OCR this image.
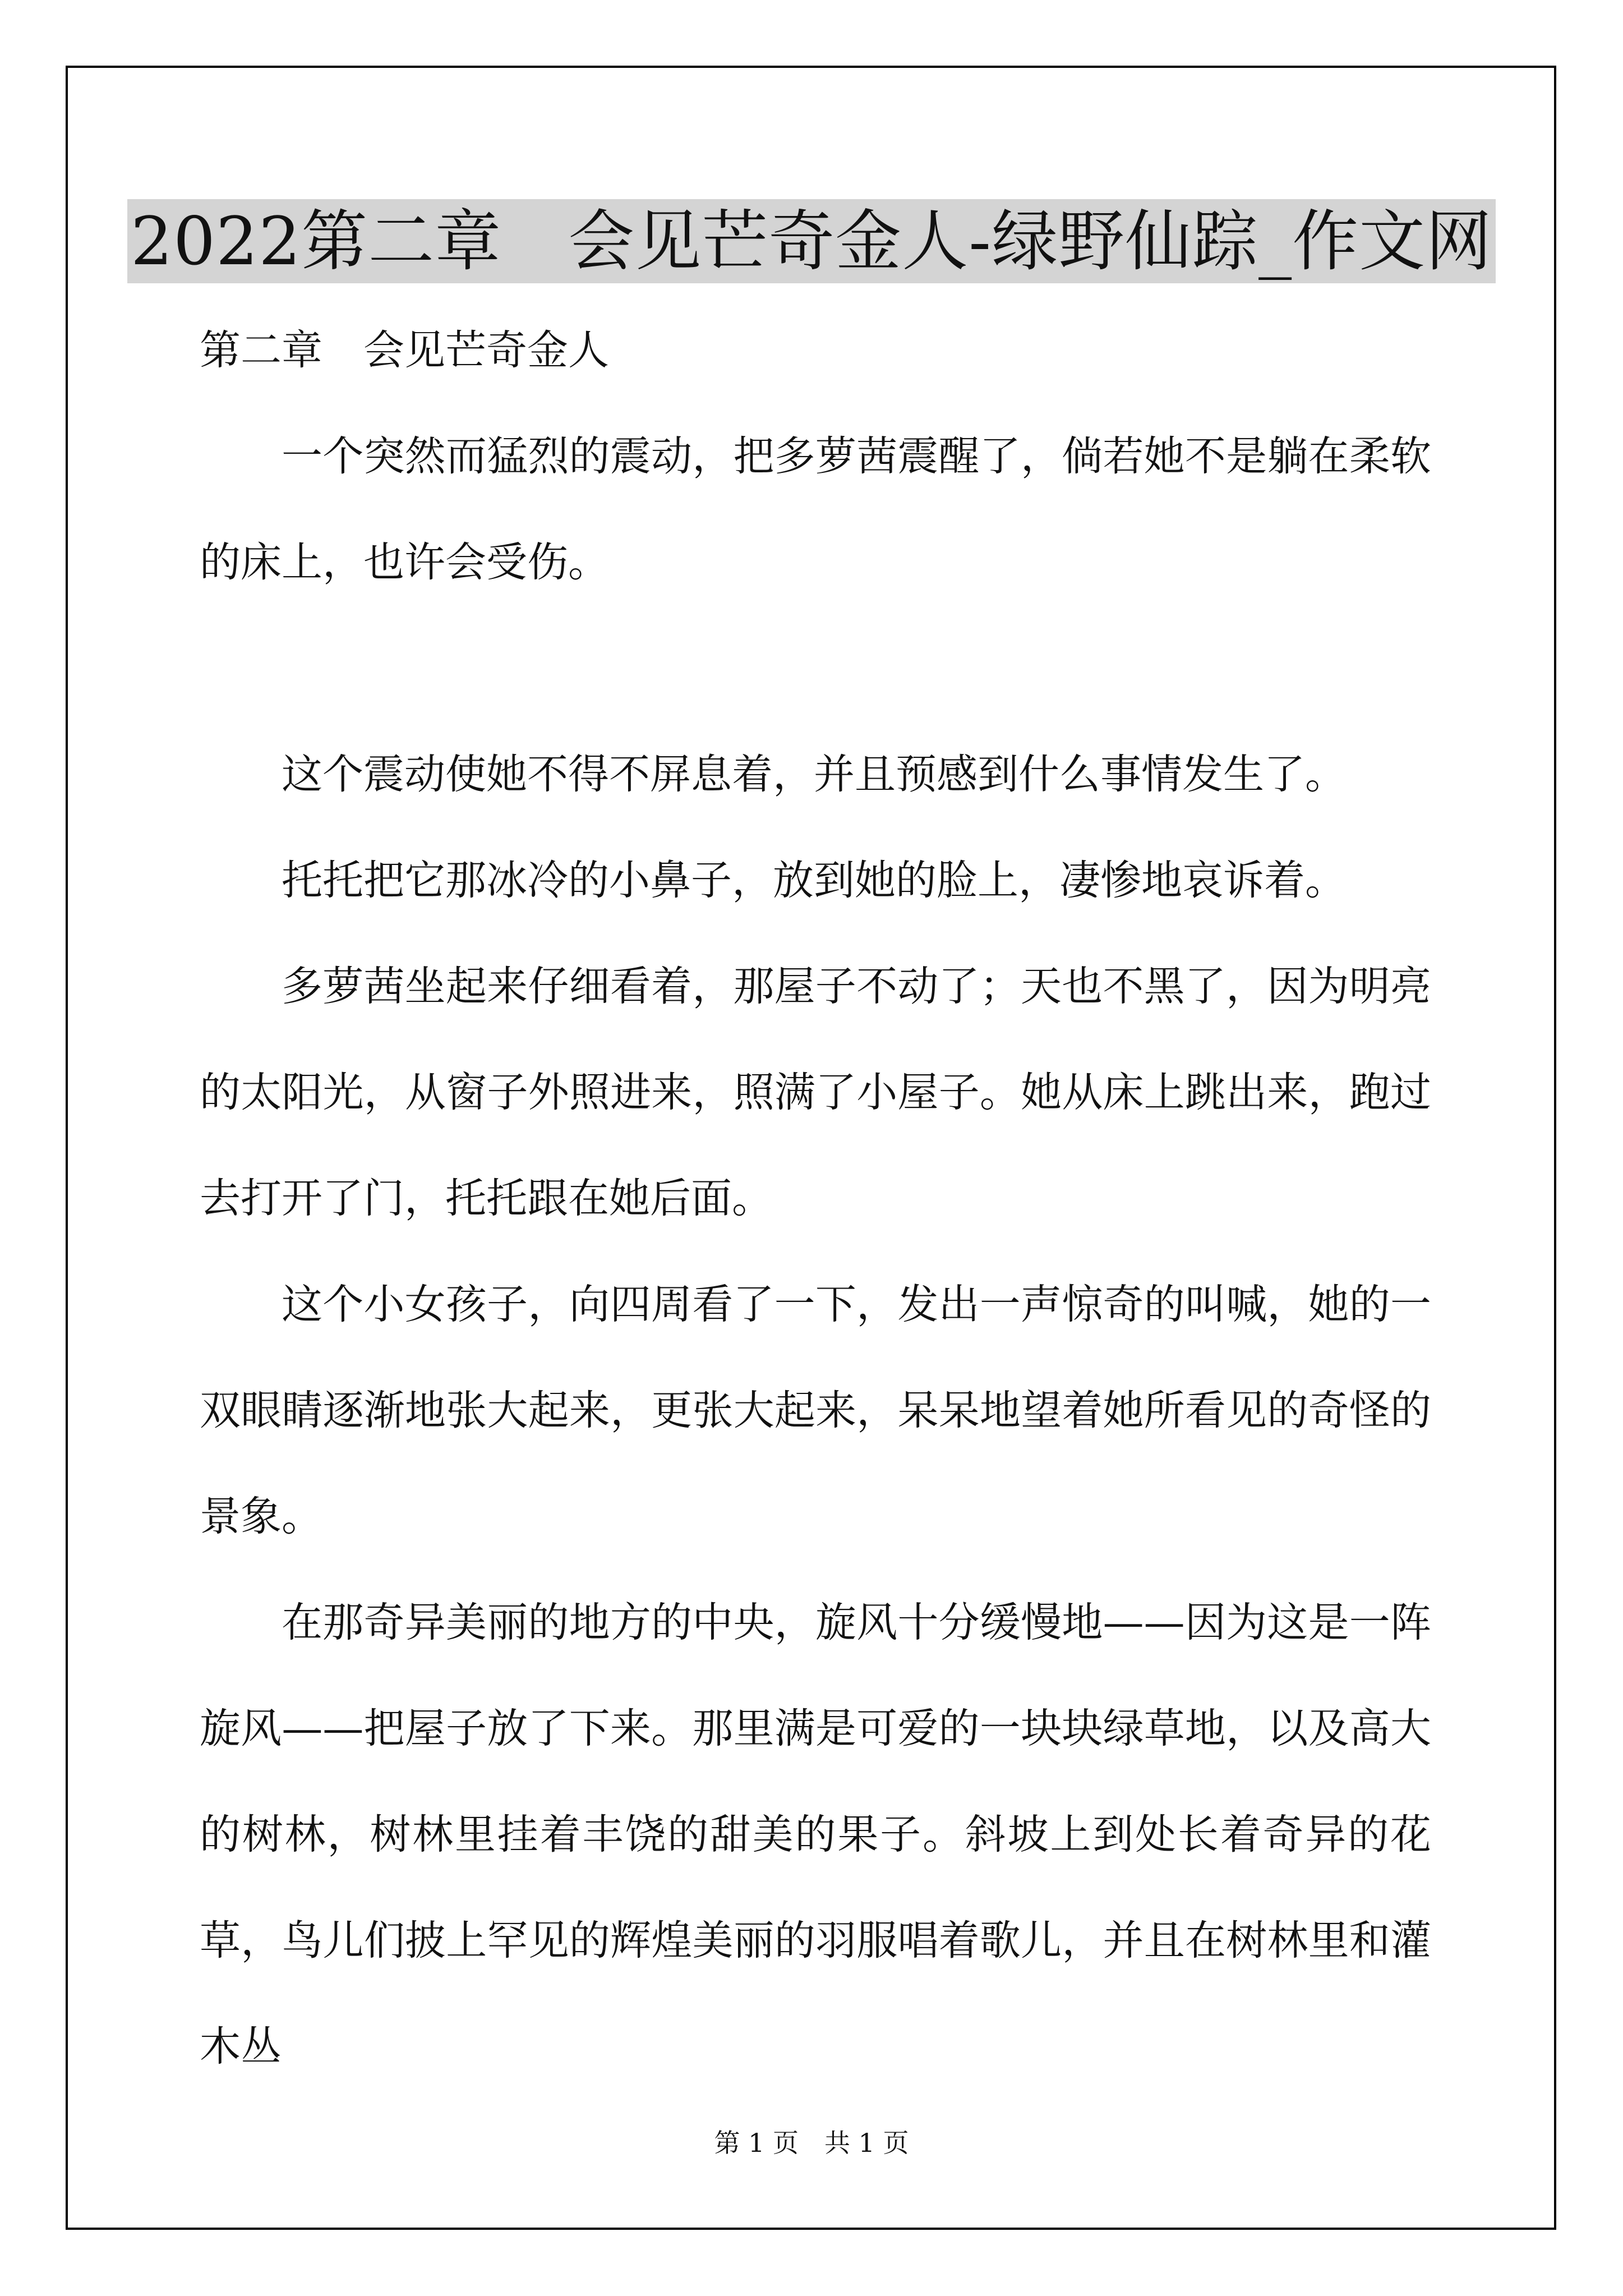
2022第二章　会见芒奇金人-绿野仙踪_作文网

第二章　会见芒奇金人

一个突然而猛烈的震动，把多萝茜震醒了，倘若她不是躺在柔软的床上，也许会受伤。

这个震动使她不得不屏息着，并且预感到什么事情发生了。

托托把它那冰冷的小鼻子，放到她的脸上，凄惨地哀诉着。

多萝茜坐起来仔细看着，那屋子不动了；天也不黑了，因为明亮的太阳光，从窗子外照进来，照满了小屋子。她从床上跳出来，跑过去打开了门，托托跟在她后面。

这个小女孩子，向四周看了一下，发出一声惊奇的叫喊，她的一双眼睛逐渐地张大起来，更张大起来，呆呆地望着她所看见的奇怪的景象。

在那奇异美丽的地方的中央，旋风十分缓慢地——因为这是一阵旋风——把屋子放了下来。那里满是可爱的一块块绿草地，以及高大的树林，树林里挂着丰饶的甜美的果子。斜坡上到处长着奇异的花草，鸟儿们披上罕见的辉煌美丽的羽服唱着歌儿，并且在树林里和灌木丛

第 1 页　共 1 页
